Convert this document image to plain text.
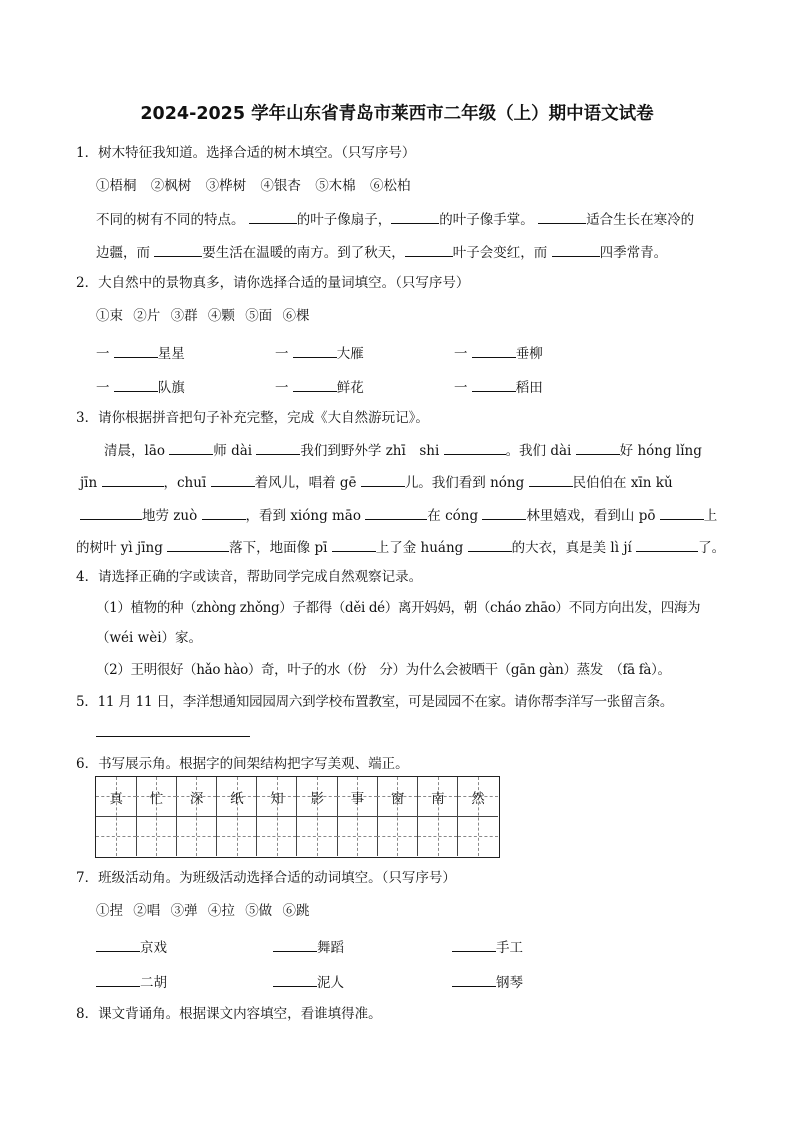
2024-2025 学年山东省青岛市莱西市二年级（上）期中语文试卷
1．树木特征我知道。选择合适的树木填空。（只写序号）
①梧桐 ②枫树 ③桦树 ④银杏 ⑤木棉 ⑥松柏
不同的树有不同的特点。	的叶子像扇子，	的叶子像手掌。	适合生长在寒冷的
边疆，而	要生活在温暖的南方。到了秋天，	叶子会变红，而	四季常青。
2．大自然中的景物真多，请你选择合适的量词填空。（只写序号）
①束 ②片 ③群 ④颗 ⑤面 ⑥棵
一	星星	一	大雁	一	垂柳
一	队旗	一	鲜花	一	稻田
3．请你根据拼音把句子补充完整，完成《大自然游玩记》。
清晨，lāo	师 dài	我们到野外学 zhī　shi	。我们 dài	好 hóng lǐng
jīn	，chuī	着风儿，唱着 gē	儿。我们看到 nóng	民伯伯在 xīn kǔ
地劳 zuò	，看到 xióng māo	在 cóng	林里嬉戏，看到山 pō	上
的树叶 yì jīng	落下，地面像 pī	上了金 huáng	的大衣，真是美 lì jí	了。
4．请选择正确的字或读音，帮助同学完成自然观察记录。
（1）植物的种（zhòng zhǒng）子都得（děi dé）离开妈妈，朝（cháo zhāo）不同方向出发，四海为
（wéi wèi）家。
（2）王明很好（hǎo hào）奇，叶子的水（份　分）为什么会被晒干（gān gàn）蒸发　（fā fà）。
5．11 月 11 日，李洋想通知园园周六到学校布置教室，可是园园不在家。请你帮李洋写一张留言条。
6．书写展示角。根据字的间架结构把字写美观、端正。
真	忙	深	纸	知	影	事	窗	南	然
7．班级活动角。为班级活动选择合适的动词填空。（只写序号）
①捏 ②唱 ③弹 ④拉 ⑤做 ⑥跳
京戏	舞蹈	手工
二胡	泥人	钢琴
8．课文背诵角。根据课文内容填空，看谁填得准。
